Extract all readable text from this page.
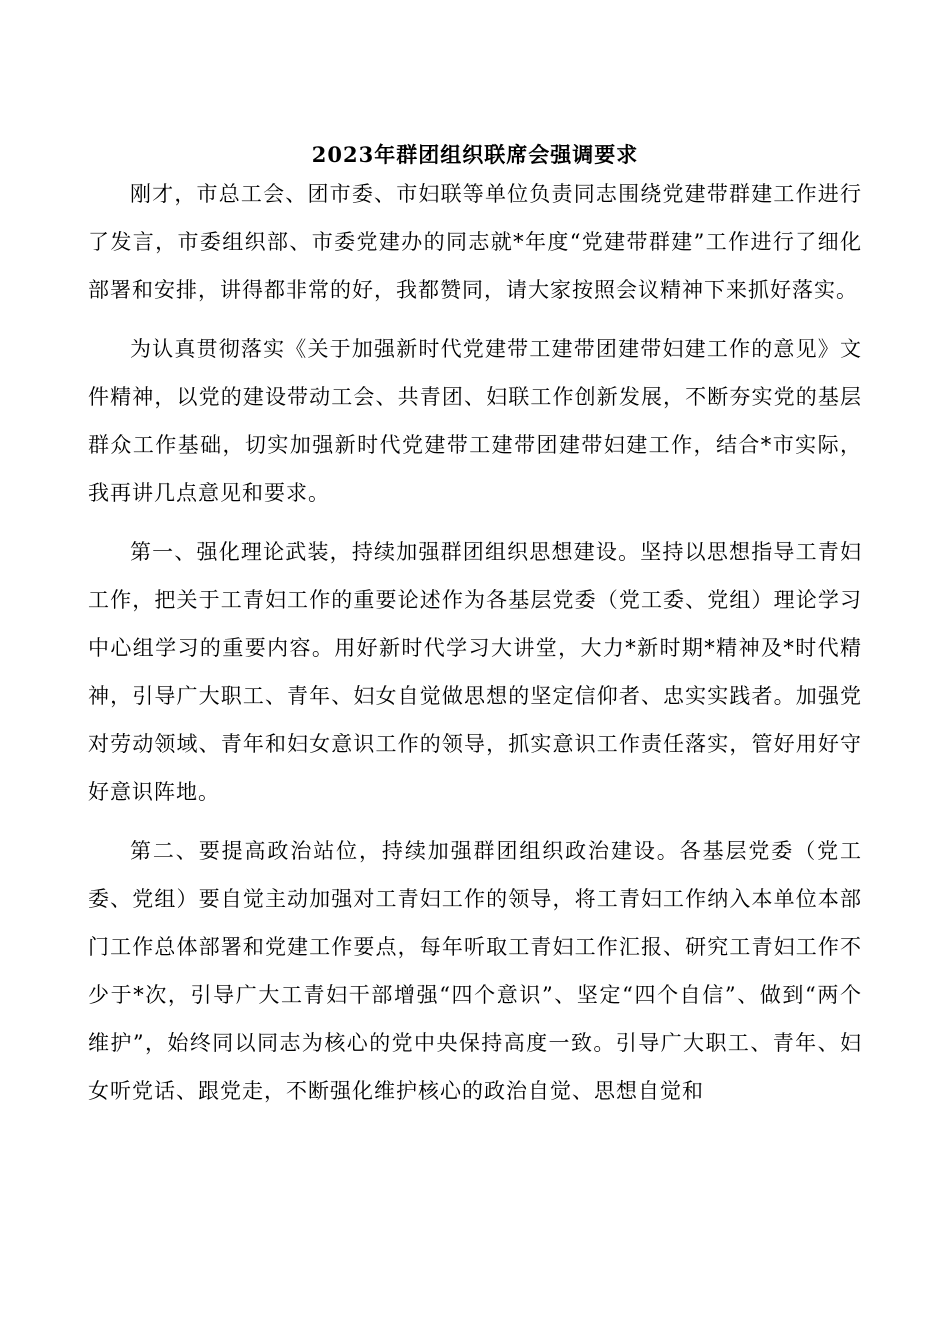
2023年群团组织联席会强调要求

刚才，市总工会、团市委、市妇联等单位负责同志围绕党建带群建工作进行了发言，市委组织部、市委党建办的同志就*年度“党建带群建”工作进行了细化部署和安排，讲得都非常的好，我都赞同，请大家按照会议精神下来抓好落实。

为认真贯彻落实《关于加强新时代党建带工建带团建带妇建工作的意见》文件精神，以党的建设带动工会、共青团、妇联工作创新发展，不断夯实党的基层群众工作基础，切实加强新时代党建带工建带团建带妇建工作，结合*市实际，我再讲几点意见和要求。

第一、强化理论武装，持续加强群团组织思想建设。坚持以思想指导工青妇工作，把关于工青妇工作的重要论述作为各基层党委（党工委、党组）理论学习中心组学习的重要内容。用好新时代学习大讲堂，大力*新时期*精神及*时代精神，引导广大职工、青年、妇女自觉做思想的坚定信仰者、忠实实践者。加强党对劳动领域、青年和妇女意识工作的领导，抓实意识工作责任落实，管好用好守好意识阵地。

第二、要提高政治站位，持续加强群团组织政治建设。各基层党委（党工委、党组）要自觉主动加强对工青妇工作的领导，将工青妇工作纳入本单位本部门工作总体部署和党建工作要点，每年听取工青妇工作汇报、研究工青妇工作不少于*次，引导广大工青妇干部增强“四个意识”、坚定“四个自信”、做到“两个维护”，始终同以同志为核心的党中央保持高度一致。引导广大职工、青年、妇女听党话、跟党走，不断强化维护核心的政治自觉、思想自觉和
